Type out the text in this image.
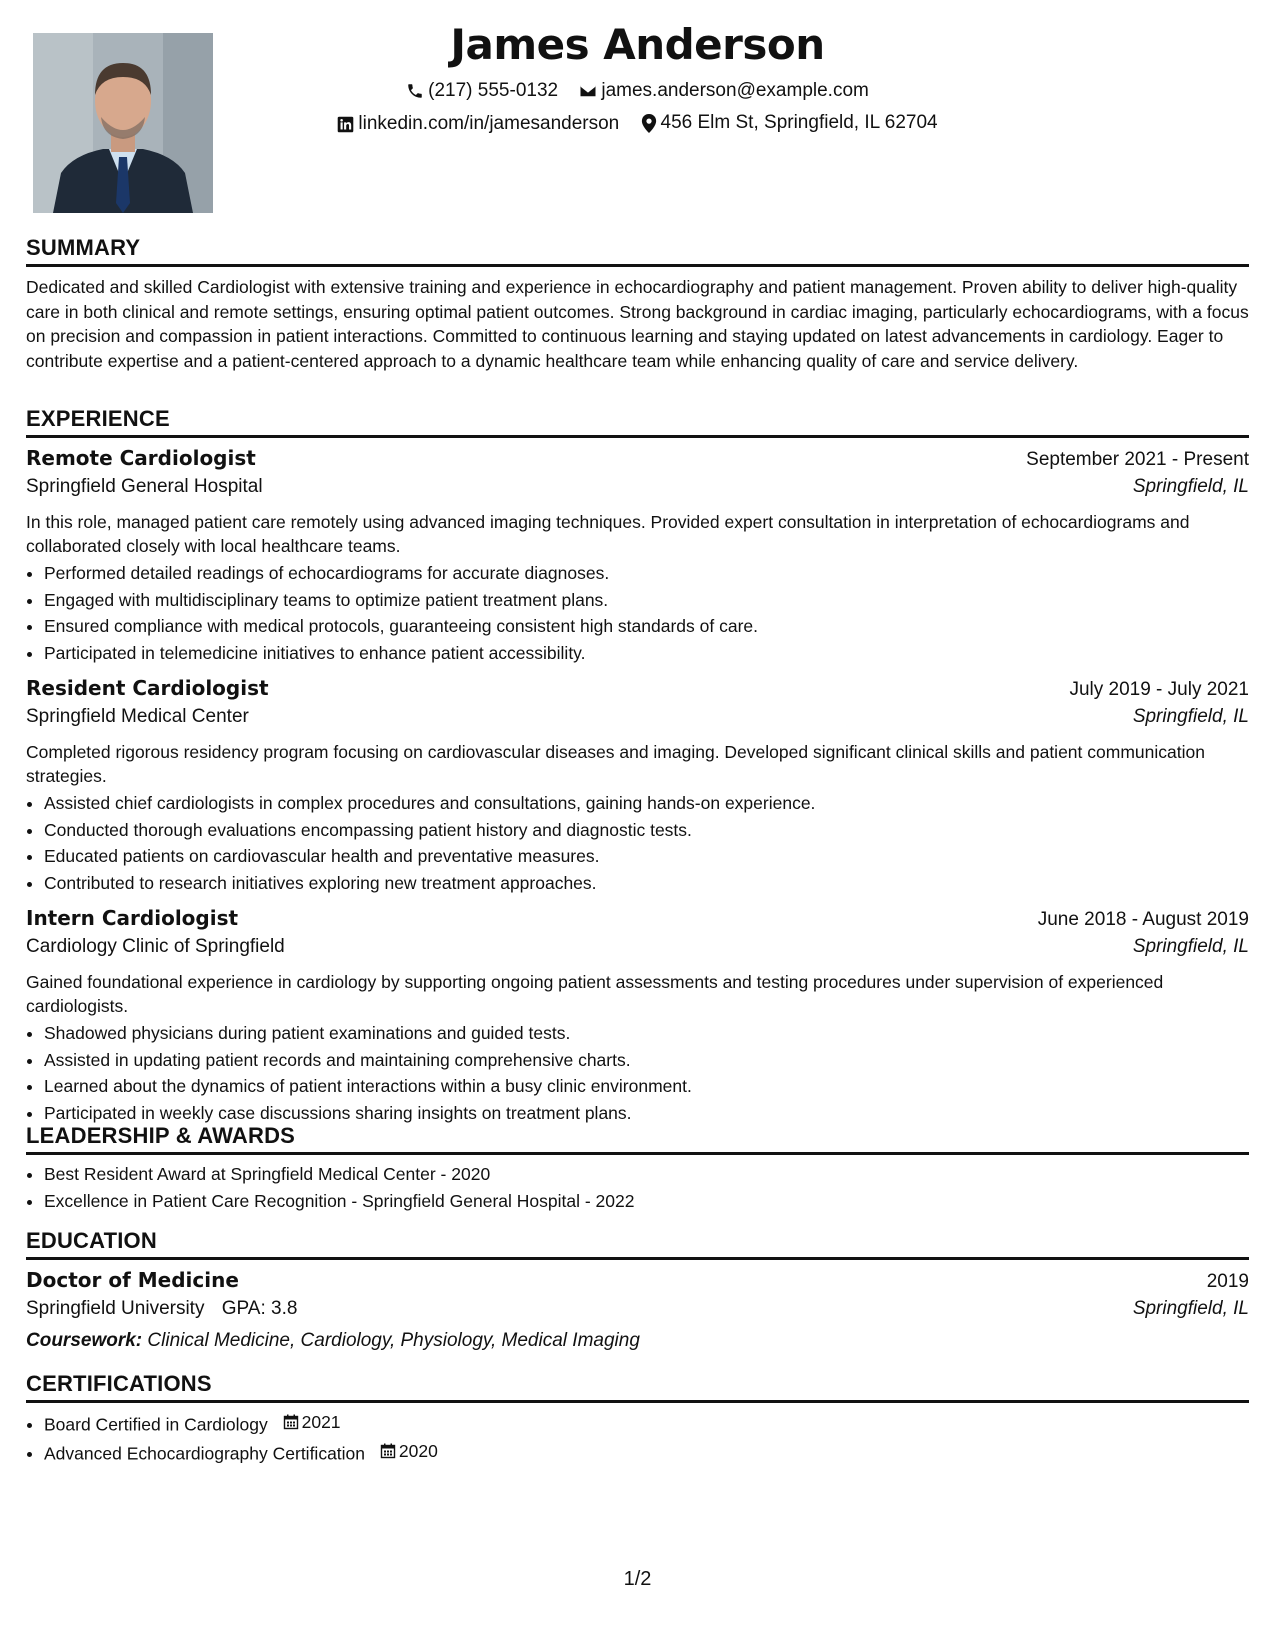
James Anderson
(217) 555-0132
james.anderson@example.com
linkedin.com/in/jamesanderson
456 Elm St, Springfield, IL 62704
SUMMARY
Dedicated and skilled Cardiologist with extensive training and experience in echocardiography and patient management. Proven ability to deliver high-quality care in both clinical and remote settings, ensuring optimal patient outcomes. Strong background in cardiac imaging, particularly echocardiograms, with a focus on precision and compassion in patient interactions. Committed to continuous learning and staying updated on latest advancements in cardiology. Eager to contribute expertise and a patient-centered approach to a dynamic healthcare team while enhancing quality of care and service delivery.
EXPERIENCE
Remote Cardiologist	September 2021 - Present
Springfield General Hospital	Springfield, IL
In this role, managed patient care remotely using advanced imaging techniques. Provided expert consultation in interpretation of echocardiograms and collaborated closely with local healthcare teams.
• Performed detailed readings of echocardiograms for accurate diagnoses.
• Engaged with multidisciplinary teams to optimize patient treatment plans.
• Ensured compliance with medical protocols, guaranteeing consistent high standards of care.
• Participated in telemedicine initiatives to enhance patient accessibility.
Resident Cardiologist	July 2019 - July 2021
Springfield Medical Center	Springfield, IL
Completed rigorous residency program focusing on cardiovascular diseases and imaging. Developed significant clinical skills and patient communication strategies.
• Assisted chief cardiologists in complex procedures and consultations, gaining hands-on experience.
• Conducted thorough evaluations encompassing patient history and diagnostic tests.
• Educated patients on cardiovascular health and preventative measures.
• Contributed to research initiatives exploring new treatment approaches.
Intern Cardiologist	June 2018 - August 2019
Cardiology Clinic of Springfield	Springfield, IL
Gained foundational experience in cardiology by supporting ongoing patient assessments and testing procedures under supervision of experienced cardiologists.
• Shadowed physicians during patient examinations and guided tests.
• Assisted in updating patient records and maintaining comprehensive charts.
• Learned about the dynamics of patient interactions within a busy clinic environment.
• Participated in weekly case discussions sharing insights on treatment plans.
LEADERSHIP & AWARDS
• Best Resident Award at Springfield Medical Center - 2020
• Excellence in Patient Care Recognition - Springfield General Hospital - 2022
EDUCATION
Doctor of Medicine	2019
Springfield University GPA: 3.8	Springfield, IL
Coursework: Clinical Medicine, Cardiology, Physiology, Medical Imaging
CERTIFICATIONS
• Board Certified in Cardiology 2021
• Advanced Echocardiography Certification 2020
1/2
